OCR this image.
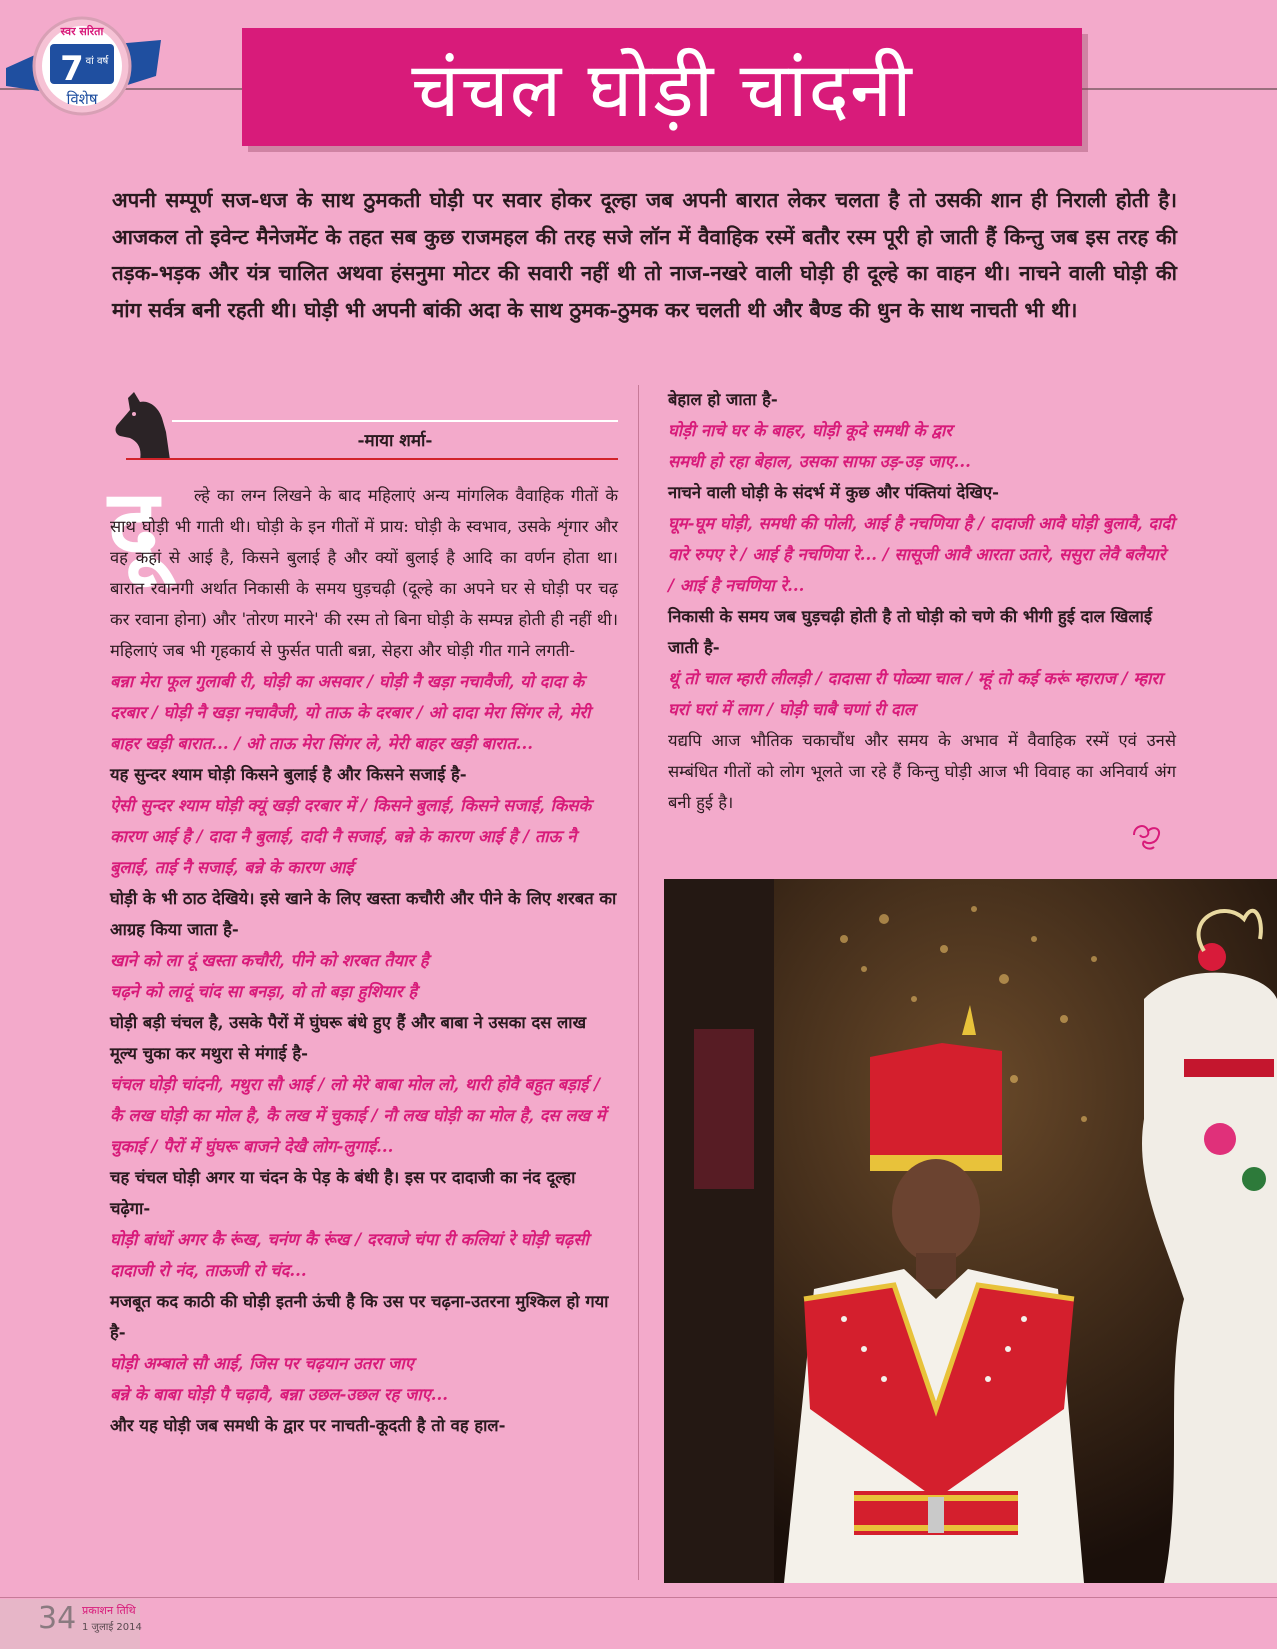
स्वर सरिता
7 वां वर्ष
विशेष	चंचल घोड़ी चांदनी
अपनी सम्पूर्ण सज-धज के साथ ठुमकती घोड़ी पर सवार होकर दूल्हा जब अपनी बारात लेकर चलता है तो उसकी शान ही निराली होती है। आजकल तो इवेन्ट मैनेजमेंट के तहत सब कुछ राजमहल की तरह सजे लॉन में वैवाहिक रस्में बतौर रस्म पूरी हो जाती हैं किन्तु जब इस तरह की तड़क-भड़क और यंत्र चालित अथवा हंसनुमा मोटर की सवारी नहीं थी तो नाज-नखरे वाली घोड़ी ही दूल्हे का वाहन थी। नाचने वाली घोड़ी की मांग सर्वत्र बनी रहती थी। घोड़ी भी अपनी बांकी अदा के साथ ठुमक-ठुमक कर चलती थी और बैण्ड की धुन के साथ नाचती भी थी।
-माया शर्मा-
दू	ल्हे का लग्न लिखने के बाद महिलाएं अन्य मांगलिक वैवाहिक गीतों के साथ घोड़ी भी गाती थी। घोड़ी के इन गीतों में प्राय: घोड़ी के स्वभाव, उसके शृंगार और वह कहां से आई है, किसने बुलाई है और क्यों बुलाई है आदि का वर्णन होता था। बारात रवानगी अर्थात निकासी के समय घुड़चढ़ी (दूल्हे का अपने घर से घोड़ी पर चढ़ कर रवाना होना) और 'तोरण मारने' की रस्म तो बिना घोड़ी के सम्पन्न होती ही नहीं थी। महिलाएं जब भी गृहकार्य से फुर्सत पाती बन्ना, सेहरा और घोड़ी गीत गाने लगती-

बन्ना मेरा फूल गुलाबी री, घोड़ी का असवार / घोड़ी नै खड़ा नचावैजी, यो दादा के दरबार / घोड़ी नै खड़ा नचावैजी, यो ताऊ के दरबार / ओ दादा मेरा सिंगर ले, मेरी बाहर खड़ी बारात... / ओ ताऊ मेरा सिंगर ले, मेरी बाहर खड़ी बारात...

यह सुन्दर श्याम घोड़ी किसने बुलाई है और किसने सजाई है-

ऐसी सुन्दर श्याम घोड़ी क्यूं खड़ी दरबार में / किसने बुलाई, किसने सजाई, किसके कारण आई है / दादा नै बुलाई, दादी नै सजाई, बन्ने के कारण आई है / ताऊ नै बुलाई, ताई नै सजाई, बन्ने के कारण आई

घोड़ी के भी ठाठ देखिये। इसे खाने के लिए खस्ता कचौरी और पीने के लिए शरबत का आग्रह किया जाता है-

खाने को ला दूं खस्ता कचौरी, पीने को शरबत तैयार है

चढ़ने को लादूं चांद सा बनड़ा, वो तो बड़ा हुशियार है

घोड़ी बड़ी चंचल है, उसके पैरों में घुंघरू बंधे हुए हैं और बाबा ने उसका दस लाख मूल्य चुका कर मथुरा से मंगाई है-

चंचल घोड़ी चांदनी, मथुरा सौ आई / लो मेरे बाबा मोल लो, थारी होवै बहुत बड़ाई / कै लख घोड़ी का मोल है, कै लख में चुकाई / नौ लख घोड़ी का मोल है, दस लख में चुकाई / पैरों में घुंघरू बाजने देखै लोग-लुगाई...

चह चंचल घोड़ी अगर या चंदन के पेड़ के बंधी है। इस पर दादाजी का नंद दूल्हा चढ़ेगा-

घोड़ी बांधों अगर कै रूंख, चनंण कै रूंख / दरवाजे चंपा री कलियां रे घोड़ी चढ़सी दादाजी रो नंद, ताऊजी रो चंद...

मजबूत कद काठी की घोड़ी इतनी ऊंची है कि उस पर चढ़ना-उतरना मुश्किल हो गया है-

घोड़ी अम्बाले सौ आई, जिस पर चढ़यान उतरा जाए

बन्ने के बाबा घोड़ी पै चढ़ावै, बन्ना उछल-उछल रह जाए...

और यह घोड़ी जब समधी के द्वार पर नाचती-कूदती है तो वह हाल-

बेहाल हो जाता है-

घोड़ी नाचे घर के बाहर, घोड़ी कूदे समधी के द्वार

समधी हो रहा बेहाल, उसका साफा उड़-उड़ जाए...

नाचने वाली घोड़ी के संदर्भ में कुछ और पंक्तियां देखिए-

घूम-घूम घोड़ी, समधी की पोली, आई है नचणिया है / दादाजी आवै घोड़ी बुलावै, दादी वारे रुपए रे / आई है नचणिया रे... / सासूजी आवै आरता उतारे, ससुरा लेवै बलैयारे / आई है नचणिया रे...

निकासी के समय जब घुड़चढ़ी होती है तो घोड़ी को चणे की भीगी हुई दाल खिलाई जाती है-

थूं तो चाल म्हारी लीलड़ी / दादासा री पोळ्या चाल / म्हूं तो कई करूं म्हाराज / म्हारा घरां घरां में लाग / घोड़ी चाबै चणां री दाल

यद्यपि आज भौतिक चकाचौंध और समय के अभाव में वैवाहिक रस्में एवं उनसे सम्बंधित गीतों को लोग भूलते जा रहे हैं किन्तु घोड़ी आज भी विवाह का अनिवार्य अंग बनी हुई है।

34 प्रकाशन तिथि
1 जुलाई 2014
